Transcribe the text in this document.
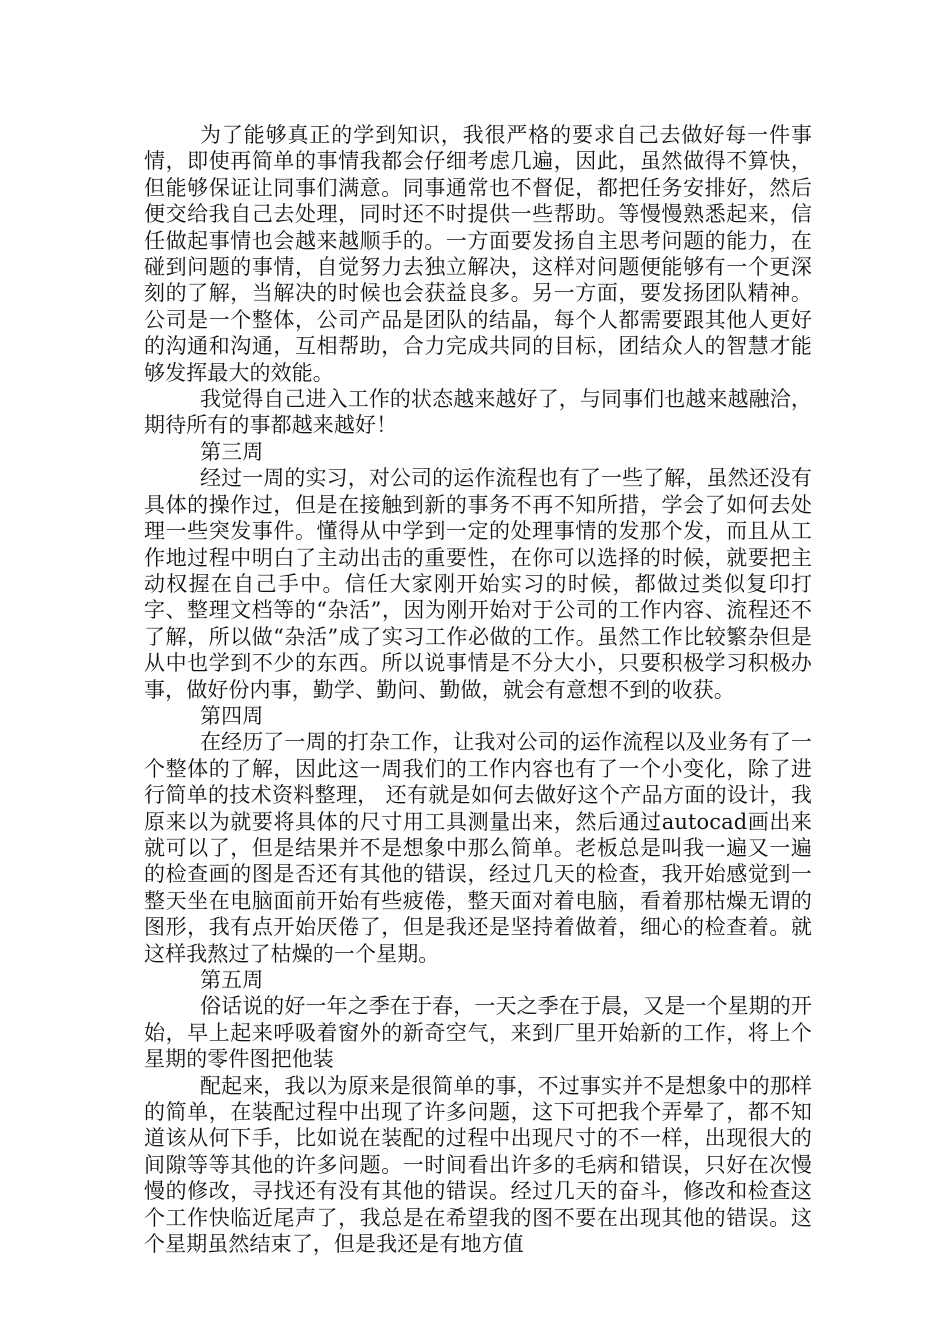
为了能够真正的学到知识，我很严格的要求自己去做好每一件事情，即使再简单的事情我都会仔细考虑几遍，因此，虽然做得不算快，但能够保证让同事们满意。同事通常也不督促，都把任务安排好，然后便交给我自己去处理，同时还不时提供一些帮助。等慢慢熟悉起来，信任做起事情也会越来越顺手的。一方面要发扬自主思考问题的能力，在碰到问题的事情，自觉努力去独立解决，这样对问题便能够有一个更深刻的了解，当解决的时候也会获益良多。另一方面，要发扬团队精神。公司是一个整体，公司产品是团队的结晶，每个人都需要跟其他人更好的沟通和沟通，互相帮助，合力完成共同的目标，团结众人的智慧才能够发挥最大的效能。

我觉得自己进入工作的状态越来越好了，与同事们也越来越融洽，期待所有的事都越来越好！

第三周

经过一周的实习，对公司的运作流程也有了一些了解，虽然还没有具体的操作过，但是在接触到新的事务不再不知所措，学会了如何去处理一些突发事件。懂得从中学到一定的处理事情的发那个发，而且从工作地过程中明白了主动出击的重要性，在你可以选择的时候，就要把主动权握在自己手中。信任大家刚开始实习的时候，都做过类似复印打字、整理文档等的“杂活”，因为刚开始对于公司的工作内容、流程还不了解，所以做“杂活”成了实习工作必做的工作。虽然工作比较繁杂但是从中也学到不少的东西。所以说事情是不分大小，只要积极学习积极办事，做好份内事，勤学、勤问、勤做，就会有意想不到的收获。

第四周

在经历了一周的打杂工作，让我对公司的运作流程以及业务有了一个整体的了解，因此这一周我们的工作内容也有了一个小变化，除了进行简单的技术资料整理， 还有就是如何去做好这个产品方面的设计，我原来以为就要将具体的尺寸用工具测量出来，然后通过autocad画出来就可以了，但是结果并不是想象中那么简单。老板总是叫我一遍又一遍的检查画的图是否还有其他的错误，经过几天的检查，我开始感觉到一整天坐在电脑面前开始有些疲倦，整天面对着电脑，看着那枯燥无谓的图形，我有点开始厌倦了，但是我还是坚持着做着，细心的检查着。就这样我熬过了枯燥的一个星期。

第五周

俗话说的好一年之季在于春，一天之季在于晨，又是一个星期的开始，早上起来呼吸着窗外的新奇空气，来到厂里开始新的工作，将上个星期的零件图把他装

配起来，我以为原来是很简单的事，不过事实并不是想象中的那样的简单，在装配过程中出现了许多问题，这下可把我个弄晕了，都不知道该从何下手，比如说在装配的过程中出现尺寸的不一样，出现很大的间隙等等其他的许多问题。一时间看出许多的毛病和错误，只好在次慢慢的修改，寻找还有没有其他的错误。经过几天的奋斗，修改和检查这个工作快临近尾声了，我总是在希望我的图不要在出现其他的错误。这个星期虽然结束了，但是我还是有地方值
